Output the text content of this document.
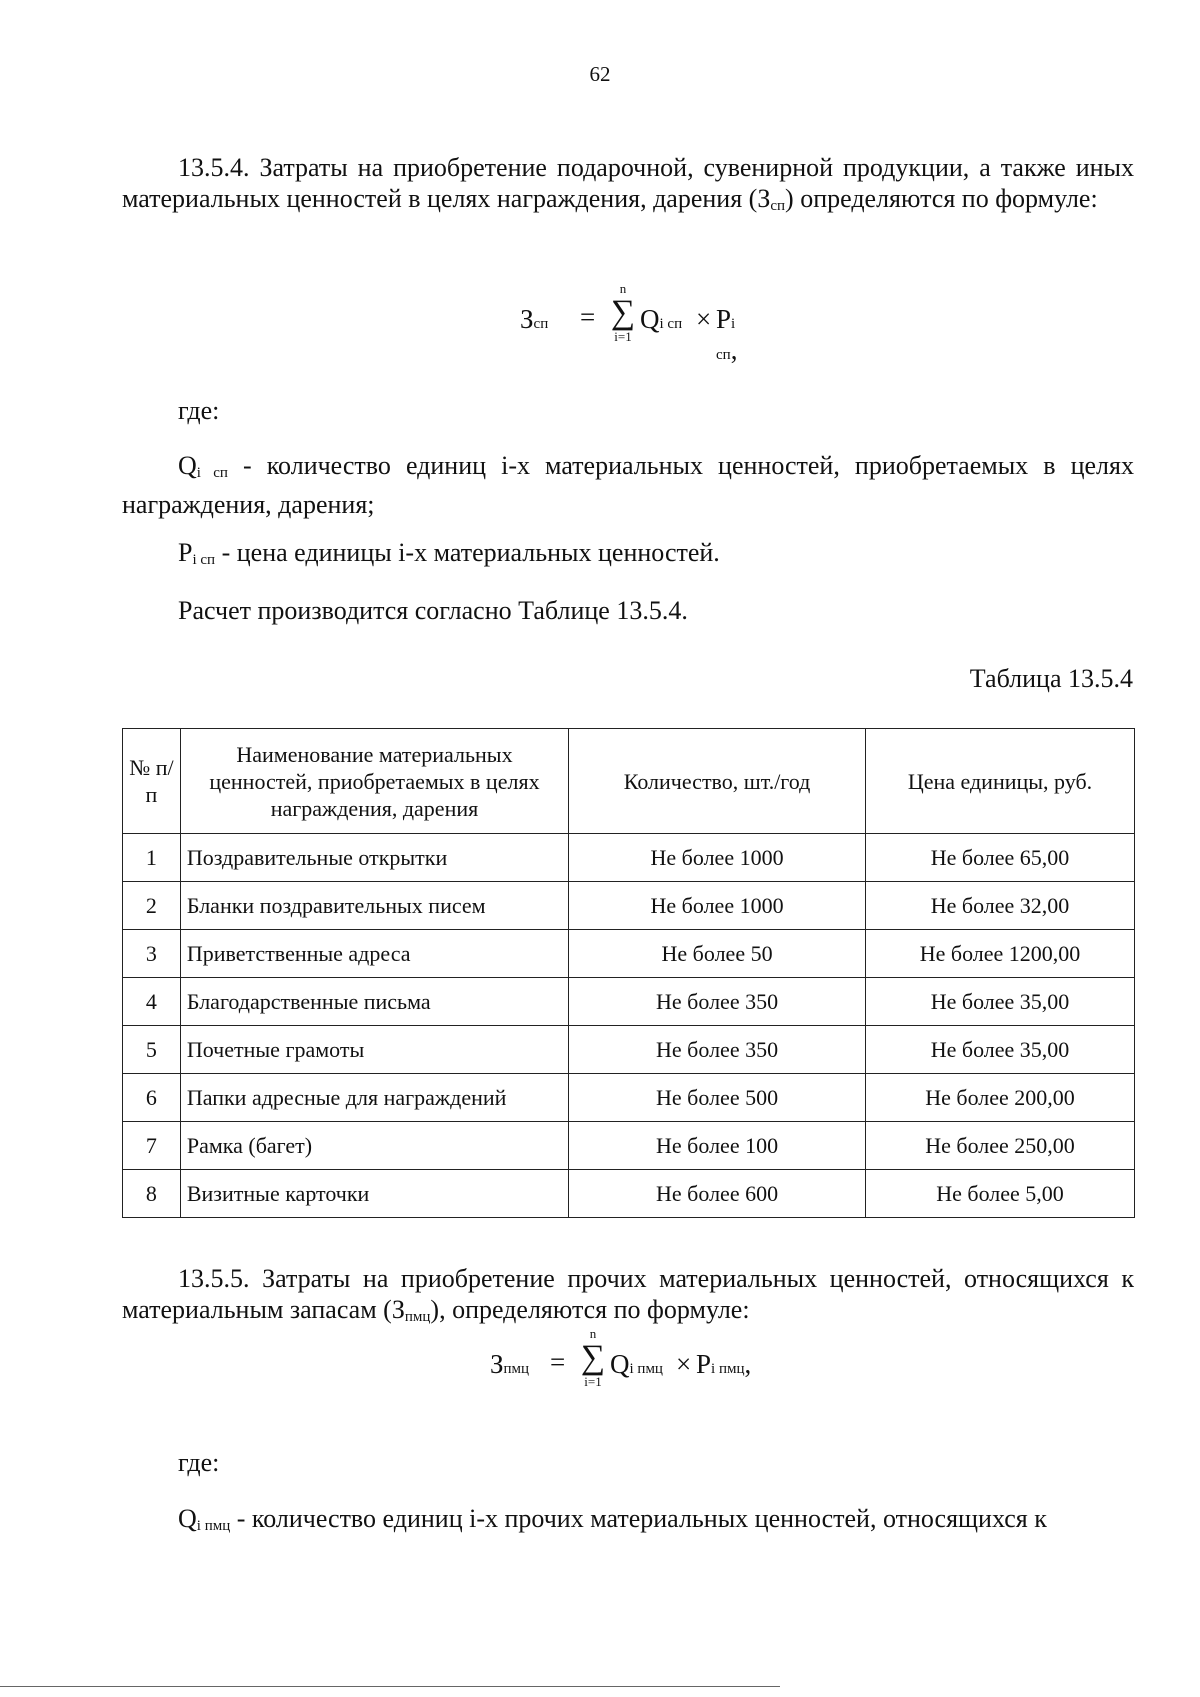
62
13.5.4. Затраты на приобретение подарочной, сувенирной продукции, а также иных материальных ценностей в целях награждения, дарения $(З_{сп})$ определяются по формуле:
Зсп =
n
∑
i=1
Qi сп × Pi сп,
где:
$Q_{i сп}$ - количество единиц i-х материальных ценностей, приобретаемых в целях награждения, дарения;
$P_{i сп}$ - цена единицы i-х материальных ценностей.
Расчет производится согласно Таблице 13.5.4.
Таблица 13.5.4
№ п/п	Наименование материальных ценностей, приобретаемых в целях награждения, дарения	Количество, шт./год	Цена единицы, руб.
1	Поздравительные открытки	Не более 1000	Не более 65,00
2	Бланки поздравительных писем	Не более 1000	Не более 32,00
3	Приветственные адреса	Не более 50	Не более 1200,00
4	Благодарственные письма	Не более 350	Не более 35,00
5	Почетные грамоты	Не более 350	Не более 35,00
6	Папки адресные для награждений	Не более 500	Не более 200,00
7	Рамка (багет)	Не более 100	Не более 250,00
8	Визитные карточки	Не более 600	Не более 5,00
13.5.5. Затраты на приобретение прочих материальных ценностей, относящихся к материальным запасам $(З_{пмц})$, определяются по формуле:
Зпмц =
n
∑
i=1
Qi пмц × Pi пмц,
где:
$Q_{i пмц}$ - количество единиц i-х прочих материальных ценностей, относящихся к
